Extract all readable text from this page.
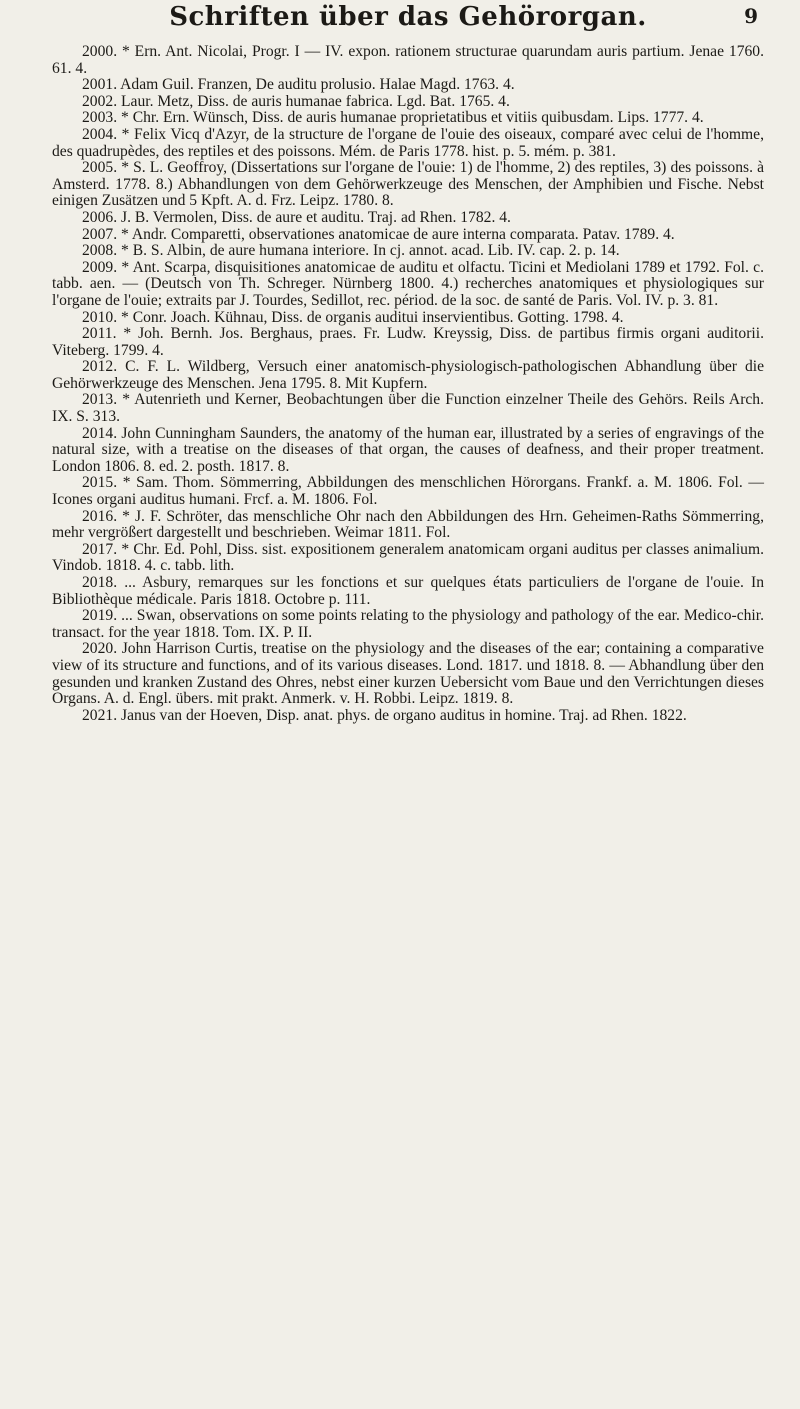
Schriften über das Gehörorgan.	9

2000. * Ern. Ant. Nicolai, Progr. I — IV. expon. rationem structurae quarundam auris partium. Jenae 1760. 61. 4.

2001. Adam Guil. Franzen, De auditu prolusio. Halae Magd. 1763. 4.

2002. Laur. Metz, Diss. de auris humanae fabrica. Lgd. Bat. 1765. 4.

2003. * Chr. Ern. Wünsch, Diss. de auris humanae proprietatibus et vitiis quibusdam. Lips. 1777. 4.

2004. * Felix Vicq d'Azyr, de la structure de l'organe de l'ouie des oiseaux, comparé avec celui de l'homme, des quadrupèdes, des reptiles et des poissons. Mém. de Paris 1778. hist. p. 5. mém. p. 381.

2005. * S. L. Geoffroy, (Dissertations sur l'organe de l'ouie: 1) de l'homme, 2) des reptiles, 3) des poissons. à Amsterd. 1778. 8.) Abhandlungen von dem Gehörwerkzeuge des Menschen, der Amphibien und Fische. Nebst einigen Zusätzen und 5 Kpft. A. d. Frz. Leipz. 1780. 8.

2006. J. B. Vermolen, Diss. de aure et auditu. Traj. ad Rhen. 1782. 4.

2007. * Andr. Comparetti, observationes anatomicae de aure interna comparata. Patav. 1789. 4.

2008. * B. S. Albin, de aure humana interiore. In cj. annot. acad. Lib. IV. cap. 2. p. 14.

2009. * Ant. Scarpa, disquisitiones anatomicae de auditu et olfactu. Ticini et Mediolani 1789 et 1792. Fol. c. tabb. aen. — (Deutsch von Th. Schreger. Nürnberg 1800. 4.) recherches anatomiques et physiologiques sur l'organe de l'ouie; extraits par J. Tourdes, Sedillot, rec. périod. de la soc. de santé de Paris. Vol. IV. p. 3. 81.

2010. * Conr. Joach. Kühnau, Diss. de organis auditui inservientibus. Gotting. 1798. 4.

2011. * Joh. Bernh. Jos. Berghaus, praes. Fr. Ludw. Kreyssig, Diss. de partibus firmis organi auditorii. Viteberg. 1799. 4.

2012. C. F. L. Wildberg, Versuch einer anatomisch-physiologisch-pathologischen Abhandlung über die Gehörwerkzeuge des Menschen. Jena 1795. 8. Mit Kupfern.

2013. * Autenrieth und Kerner, Beobachtungen über die Function einzelner Theile des Gehörs. Reils Arch. IX. S. 313.

2014. John Cunningham Saunders, the anatomy of the human ear, illustrated by a series of engravings of the natural size, with a treatise on the diseases of that organ, the causes of deafness, and their proper treatment. London 1806. 8. ed. 2. posth. 1817. 8.

2015. * Sam. Thom. Sömmerring, Abbildungen des menschlichen Hörorgans. Frankf. a. M. 1806. Fol. — Icones organi auditus humani. Frcf. a. M. 1806. Fol.

2016. * J. F. Schröter, das menschliche Ohr nach den Abbildungen des Hrn. Geheimen-Raths Sömmerring, mehr vergrößert dargestellt und beschrieben. Weimar 1811. Fol.

2017. * Chr. Ed. Pohl, Diss. sist. expositionem generalem anatomicam organi auditus per classes animalium. Vindob. 1818. 4. c. tabb. lith.

2018. ... Asbury, remarques sur les fonctions et sur quelques états particuliers de l'organe de l'ouie. In Bibliothèque médicale. Paris 1818. Octobre p. 111.

2019. ... Swan, observations on some points relating to the physiology and pathology of the ear. Medico-chir. transact. for the year 1818. Tom. IX. P. II.

2020. John Harrison Curtis, treatise on the physiology and the diseases of the ear; containing a comparative view of its structure and functions, and of its various diseases. Lond. 1817. und 1818. 8. — Abhandlung über den gesunden und kranken Zustand des Ohres, nebst einer kurzen Uebersicht vom Baue und den Verrichtungen dieses Organs. A. d. Engl. übers. mit prakt. Anmerk. v. H. Robbi. Leipz. 1819. 8.

2021. Janus van der Hoeven, Disp. anat. phys. de organo auditus in homine. Traj. ad Rhen. 1822.
